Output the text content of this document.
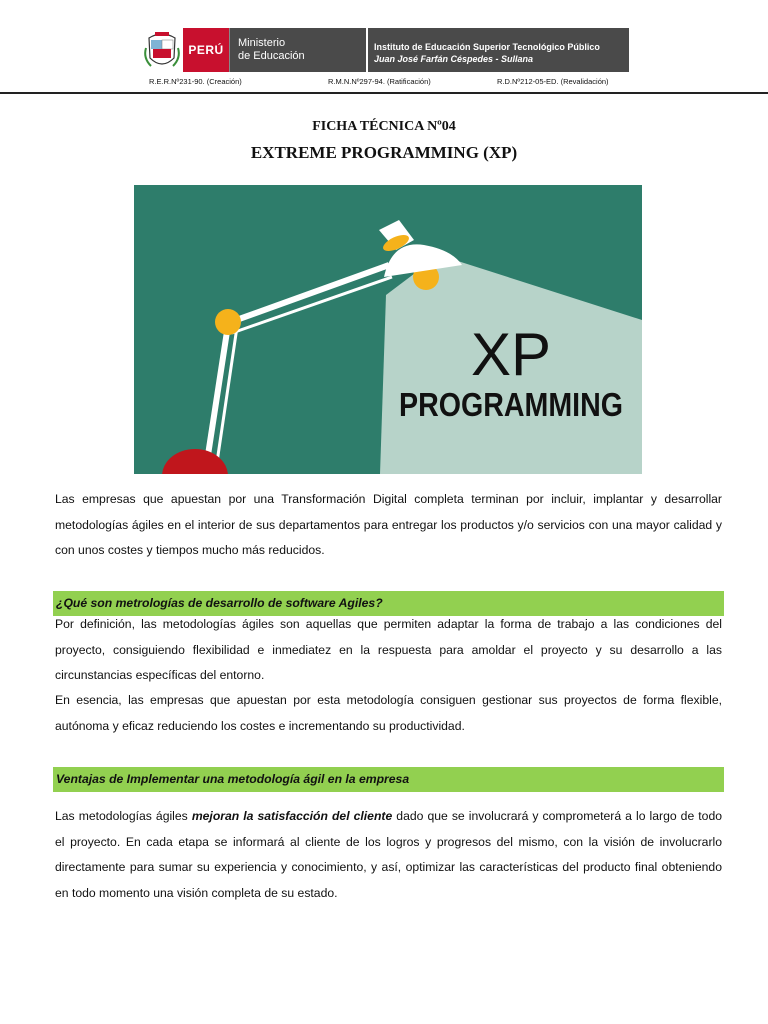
PERÚ	Ministerio
de Educación
Instituto de Educación Superior Tecnológico Público
Juan José Farfán Céspedes - Sullana
R.E.R.Nº231-90. (Creación)	R.M.N.Nº297-94. (Ratificación)	R.D.Nº212-05-ED. (Revalidación)
FICHA TÉCNICA Nº04
EXTREME PROGRAMMING (XP)
XP
PROGRAMMING
Las empresas que apuestan por una Transformación Digital completa terminan por incluir, implantar y desarrollar metodologías ágiles en el interior de sus departamentos para entregar los productos y/o servicios con una mayor calidad y con unos costes y tiempos mucho más reducidos.
¿Qué son metrologías de desarrollo de software Agiles?
Por definición, las metodologías ágiles son aquellas que permiten adaptar la forma de trabajo a las condiciones del proyecto, consiguiendo flexibilidad e inmediatez en la respuesta para amoldar el proyecto y su desarrollo a las circunstancias específicas del entorno.
En esencia, las empresas que apuestan por esta metodología consiguen gestionar sus proyectos de forma flexible, autónoma y eficaz reduciendo los costes e incrementando su productividad.
Ventajas de Implementar una metodología ágil en la empresa
Las metodologías ágiles mejoran la satisfacción del cliente dado que se involucrará y comprometerá a lo largo de todo el proyecto. En cada etapa se informará al cliente de los logros y progresos del mismo, con la visión de involucrarlo directamente para sumar su experiencia y conocimiento, y así, optimizar las características del producto final obteniendo en todo momento una visión completa de su estado.
